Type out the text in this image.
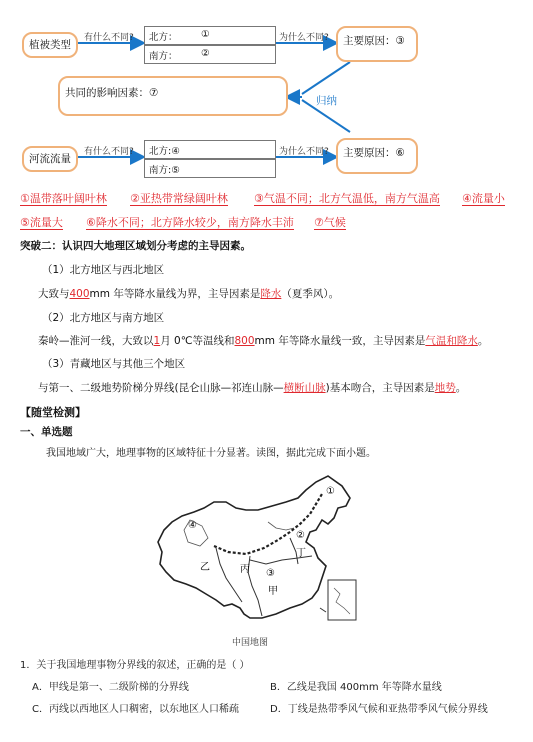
植被类型
有什么不同? 北方： ①
南方： ②
为什么不同?	主要原因：③
共同的影响因素：⑦
归纳
河流流量
有什么不同? 北方:④
南方:⑤
为什么不同?	主要原因：⑥
①温带落叶阔叶林 ②亚热带常绿阔叶林 ③气温不同；北方气温低，南方气温高 ④流量小
⑤流量大 ⑥降水不同；北方降水较少，南方降水丰沛 ⑦气候
突破二：认识四大地理区域划分考虑的主导因素。
（1）北方地区与西北地区
大致与400mm 年等降水量线为界，主导因素是降水（夏季风）。
（2）北方地区与南方地区
秦岭—淮河一线，大致以1月 0℃等温线和800mm 年等降水量线一致，主导因素是气温和降水。
（3）青藏地区与其他三个地区
与第一、二级地势阶梯分界线(昆仑山脉—祁连山脉—横断山脉)基本吻合，主导因素是地势。
【随堂检测】
一、单选题
我国地域广大，地理事物的区域特征十分显著。读图，据此完成下面小题。
①
④
②
③
乙	丙
丁
甲
中国地图
1．关于我国地理事物分界线的叙述，正确的是（ ）
A．甲线是第一、二级阶梯的分界线	B．乙线是我国 400mm 年等降水量线
C．丙线以西地区人口稠密，以东地区人口稀疏	D．丁线是热带季风气候和亚热带季风气候分界线
